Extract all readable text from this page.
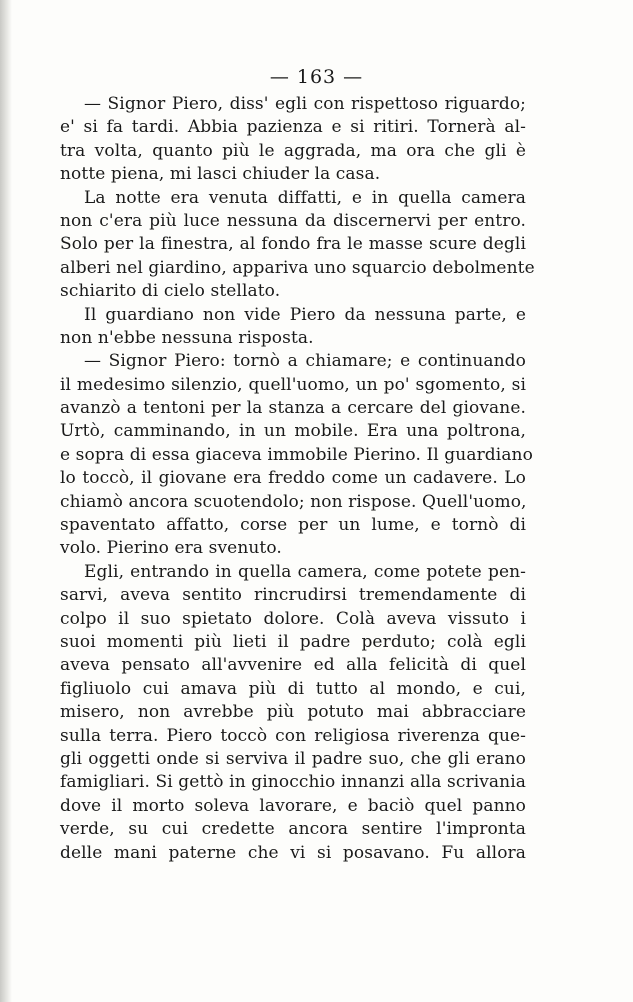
— 163 —

— Signor Piero, diss' egli con rispettoso riguardo;
e' si fa tardi. Abbia pazienza e si ritiri. Tornerà al-
tra volta, quanto più le aggrada, ma ora che gli è
notte piena, mi lasci chiuder la casa.
La notte era venuta diffatti, e in quella camera
non c'era più luce nessuna da discernervi per entro.
Solo per la finestra, al fondo fra le masse scure degli
alberi nel giardino, appariva uno squarcio debolmente
schiarito di cielo stellato.
Il guardiano non vide Piero da nessuna parte, e
non n'ebbe nessuna risposta.
— Signor Piero: tornò a chiamare; e continuando
il medesimo silenzio, quell'uomo, un po' sgomento, si
avanzò a tentoni per la stanza a cercare del giovane.
Urtò, camminando, in un mobile. Era una poltrona,
e sopra di essa giaceva immobile Pierino. Il guardiano
lo toccò, il giovane era freddo come un cadavere. Lo
chiamò ancora scuotendolo; non rispose. Quell'uomo,
spaventato affatto, corse per un lume, e tornò di
volo. Pierino era svenuto.
Egli, entrando in quella camera, come potete pen-
sarvi, aveva sentito rincrudirsi tremendamente di
colpo il suo spietato dolore. Colà aveva vissuto i
suoi momenti più lieti il padre perduto; colà egli
aveva pensato all'avvenire ed alla felicità di quel
figliuolo cui amava più di tutto al mondo, e cui,
misero, non avrebbe più potuto mai abbracciare
sulla terra. Piero toccò con religiosa riverenza que-
gli oggetti onde si serviva il padre suo, che gli erano
famigliari. Si gettò in ginocchio innanzi alla scrivania
dove il morto soleva lavorare, e baciò quel panno
verde, su cui credette ancora sentire l'impronta
delle mani paterne che vi si posavano. Fu allora
